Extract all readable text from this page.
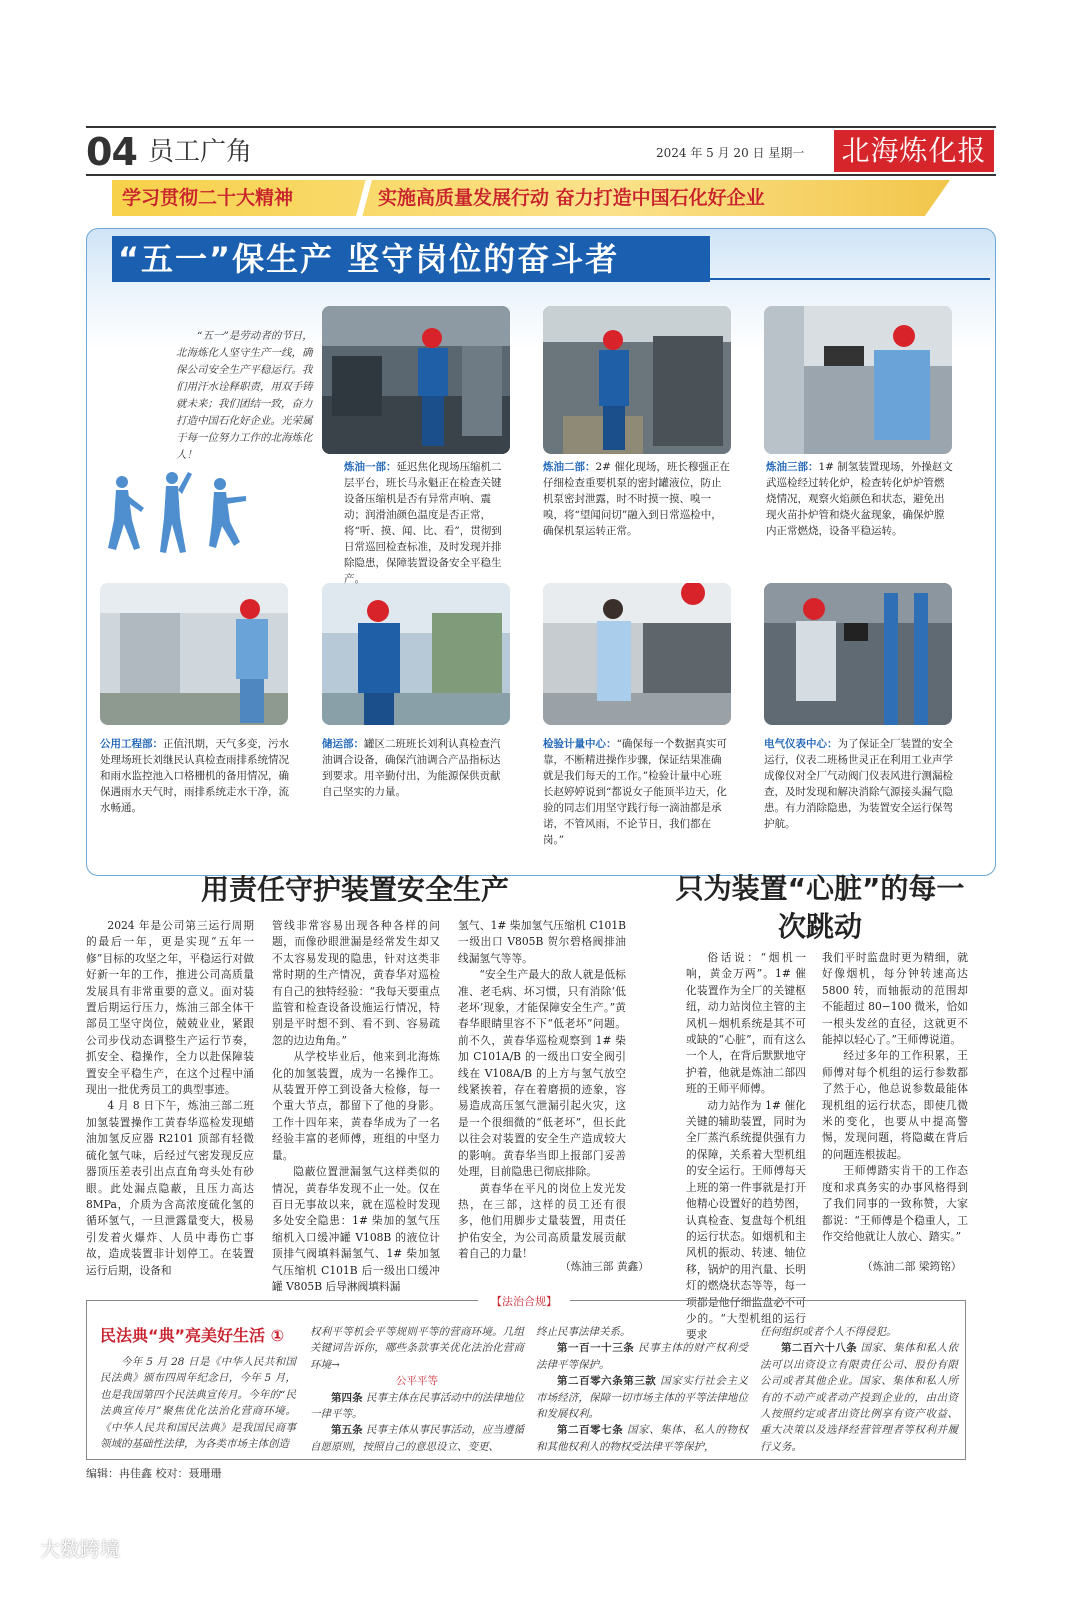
04 员工广角	2024 年 5 月 20 日 星期一 北海炼化报
学习贯彻二十大精神	实施高质量发展行动 奋力打造中国石化好企业
“五一”保生产 坚守岗位的奋斗者
“五一”是劳动者的节日，北海炼化人坚守生产一线，确保公司安全生产平稳运行。我们用汗水诠释职责，用双手铸就未来；我们团结一致，奋力打造中国石化好企业。光荣属于每一位努力工作的北海炼化人！
炼油一部：延迟焦化现场压缩机二层平台，班长马永魁正在检查关键设备压缩机是否有异常声响、震动；润滑油颜色温度是否正常，将“听、摸、闻、比、看”，贯彻到日常巡回检查标准，及时发现并排除隐患，保障装置设备安全平稳生产。
炼油二部：2# 催化现场，班长穆强正在仔细检查重要机泵的密封罐液位，防止机泵密封泄露，时不时摸一摸、嗅一嗅，将“望闻问切”融入到日常巡检中，确保机泵运转正常。
炼油三部：1# 制氢装置现场，外操赵文武巡检经过转化炉，检查转化炉炉管燃烧情况，观察火焰颜色和状态，避免出现火苗扑炉管和烧火盆现象，确保炉膛内正常燃烧，设备平稳运转。
公用工程部：正值汛期，天气多变，污水处理场班长刘继民认真检查雨排系统情况和雨水监控池入口格栅机的备用情况，确保遇雨水天气时，雨排系统走水干净，流水畅通。
储运部：罐区二班班长刘利认真检查汽油调合设备，确保汽油调合产品指标达到要求。用辛勤付出，为能源保供贡献自己坚实的力量。
检验计量中心：“确保每一个数据真实可靠，不断精进操作步骤，保证结果准确就是我们每天的工作。”检验计量中心班长赵婷婷说到“都说女子能顶半边天，化验的同志们用坚守践行每一滴油都是承诺，不管风雨，不论节日，我们都在岗。”
电气仪表中心：为了保证全厂装置的安全运行，仪表二班杨世灵正在利用工业声学成像仪对全厂气动阀门仪表风进行测漏检查，及时发现和解决消除气源接头漏气隐患。有力消除隐患，为装置安全运行保驾护航。
用责任守护装置安全生产

2024 年是公司第三运行周期的最后一年，更是实现“五年一修”目标的攻坚之年，平稳运行对做好新一年的工作，推进公司高质量发展具有非常重要的意义。面对装置后期运行压力，炼油三部全体干部员工坚守岗位，兢兢业业，紧跟公司步伐动态调整生产运行节奏，抓安全、稳操作，全力以赴保障装置安全平稳生产，在这个过程中涌现出一批优秀员工的典型事迹。

4 月 8 日下午，炼油三部二班加氢装置操作工黄春华巡检发现蜡油加氢反应器 R2101 顶部有轻微硫化氢气味，后经过气密发现反应器顶压差表引出点直角弯头处有砂眼。此处漏点隐蔽，且压力高达 8MPa，介质为含高浓度硫化氢的循环氢气，一旦泄露量变大，极易引发着火爆炸、人员中毒伤亡事故，造成装置非计划停工。在装置运行后期，设备和

管线非常容易出现各种各样的问题，而像砂眼泄漏是经常发生却又不太容易发现的隐患，针对这类非常时期的生产情况，黄春华对巡检有自己的独特经验：“我每天要重点监管和检查设备设施运行情况，特别是平时想不到、看不到、容易疏忽的边边角角。”

从学校毕业后，他来到北海炼化的加氢装置，成为一名操作工。从装置开停工到设备大检修，每一个重大节点，都留下了他的身影。工作十四年来，黄春华成为了一名经验丰富的老师傅，班组的中坚力量。

隐蔽位置泄漏氢气这样类似的情况，黄春华发现不止一处。仅在百日无事故以来，就在巡检时发现多处安全隐患：1# 柴加的氢气压缩机入口缓冲罐 V108B 的液位计顶排气阀填料漏氢气、1# 柴加氢气压缩机 C101B 后一级出口缓冲罐 V805B 后导淋阀填料漏

氢气、1# 柴加氢气压缩机 C101B 一级出口 V805B 贺尔碧格阀排油线漏氢气等等。

“安全生产最大的敌人就是低标准、老毛病、坏习惯，只有消除‘低老坏’现象，才能保障安全生产。”黄春华眼睛里容不下“低老坏”问题。前不久，黄春华巡检观察到 1# 柴加 C101A/B 的一级出口安全阀引线在 V108A/B 的上方与氢气放空线紧挨着，存在着磨损的迹象，容易造成高压氢气泄漏引起火灾，这是一个很细微的“低老坏”，但长此以往会对装置的安全生产造成较大的影响。黄春华当即上报部门妥善处理，目前隐患已彻底排除。

黄春华在平凡的岗位上发光发热，在三部，这样的员工还有很多，他们用脚步丈量装置，用责任护佑安全，为公司高质量发展贡献着自己的力量！

（炼油三部 黄鑫）
只为装置“心脏”的每一次跳动

俗话说：“烟机一响，黄金万两”。1# 催化装置作为全厂的关键枢纽，动力站岗位主管的主风机－烟机系统是其不可或缺的“心脏”，而有这么一个人，在背后默默地守护着，他就是炼油二部四班的王师平师傅。

动力站作为 1# 催化关键的辅助装置，同时为全厂蒸汽系统提供强有力的保障，关系着大型机组的安全运行。王师傅每天上班的第一件事就是打开他精心设置好的趋势图，认真检查、复盘每个机组的运行状态。如烟机和主风机的振动、转速、轴位移，锅炉的用汽量、长明灯的燃烧状态等等，每一项都是他仔细监盘必不可少的。“大型机组的运行要求

我们平时监盘时更为精细，就好像烟机，每分钟转速高达 5800 转，而轴振动的范围却不能超过 80−100 微米，恰如一根头发丝的直径，这就更不能掉以轻心了。”王师傅说道。

经过多年的工作积累，王师傅对每个机组的运行参数都了然于心，他总说参数最能体现机组的运行状态，即使几微米的变化，也要从中提高警惕，发现问题，将隐藏在背后的问题连根拔起。

王师傅踏实肯干的工作态度和求真务实的办事风格得到了我们同事的一致称赞，大家都说：“王师傅是个稳重人，工作交给他就让人放心、踏实。”

（炼油二部 梁筠铭）
【法治合规】
民法典“典”亮美好生活 ①

今年 5 月 28 日是《中华人民共和国民法典》颁布四周年纪念日，今年 5 月，也是我国第四个民法典宣传月。今年的“民法典宣传月”聚焦优化法治化营商环境。《中华人民共和国民法典》是我国民商事领域的基础性法律，为各类市场主体创造

权利平等机会平等规则平等的营商环境。几组关键词告诉你，哪些条款事关优化法治化营商环境→

公平平等

第四条 民事主体在民事活动中的法律地位一律平等。

第五条 民事主体从事民事活动，应当遵循自愿原则，按照自己的意思设立、变更、

终止民事法律关系。

第一百一十三条 民事主体的财产权利受法律平等保护。

第二百零六条第三款 国家实行社会主义市场经济，保障一切市场主体的平等法律地位和发展权利。

第二百零七条 国家、集体、私人的物权和其他权利人的物权受法律平等保护，

任何组织或者个人不得侵犯。

第二百六十八条 国家、集体和私人依法可以出资设立有限责任公司、股份有限公司或者其他企业。国家、集体和私人所有的不动产或者动产投到企业的，由出资人按照约定或者出资比例享有资产收益、重大决策以及选择经营管理者等权利并履行义务。

编辑：冉佳鑫 校对：聂珊珊
大数跨境
